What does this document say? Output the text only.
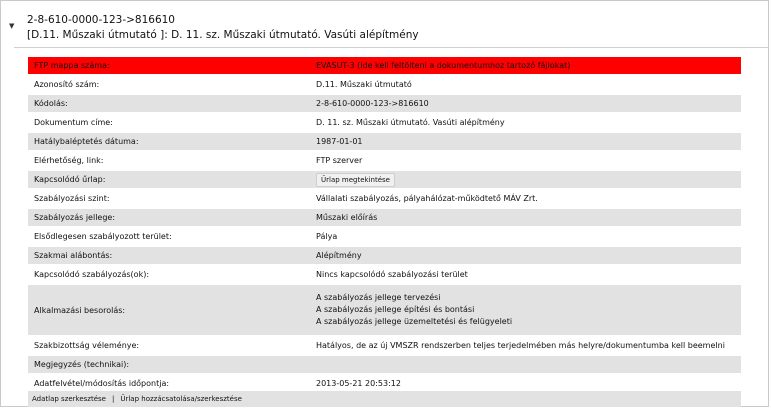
▼ 2-8-610-0000-123->816610
[D.11. Műszaki útmutató ]: D. 11. sz. Műszaki útmutató. Vasúti alépítmény
FTP mappa száma:	EVASUT-3 (ide kell feltölteni a dokumentumhoz tartozó fájlokat)
Azonosító szám:	D.11. Műszaki útmutató
Kódolás:	2-8-610-0000-123->816610
Dokumentum címe:	D. 11. sz. Műszaki útmutató. Vasúti alépítmény
Hatálybaléptetés dátuma:	1987-01-01
Elérhetőség, link:	FTP szerver
Kapcsolódó űrlap:	Űrlap megtekintése
Szabályozási szint:	Vállalati szabályozás, pályahálózat-működtető MÁV Zrt.
Szabályozás jellege:	Műszaki előírás
Elsődlegesen szabályozott terület:	Pálya
Szakmai alábontás:	Alépítmény
Kapcsolódó szabályozás(ok):	Nincs kapcsolódó szabályozási terület
Alkalmazási besorolás:	A szabályozás jellege tervezési
A szabályozás jellege építési és bontási
A szabályozás jellege üzemeltetési és felügyeleti

Szakbizottság véleménye:	Hatályos, de az új VMSZR rendszerben teljes terjedelmében más helyre/dokumentumba kell beemelni
Megjegyzés (technikai):	
Adatfelvétel/módosítás időpontja:	2013-05-21 20:53:12
Adatlap szerkesztése | Űrlap hozzácsatolása/szerkesztése
